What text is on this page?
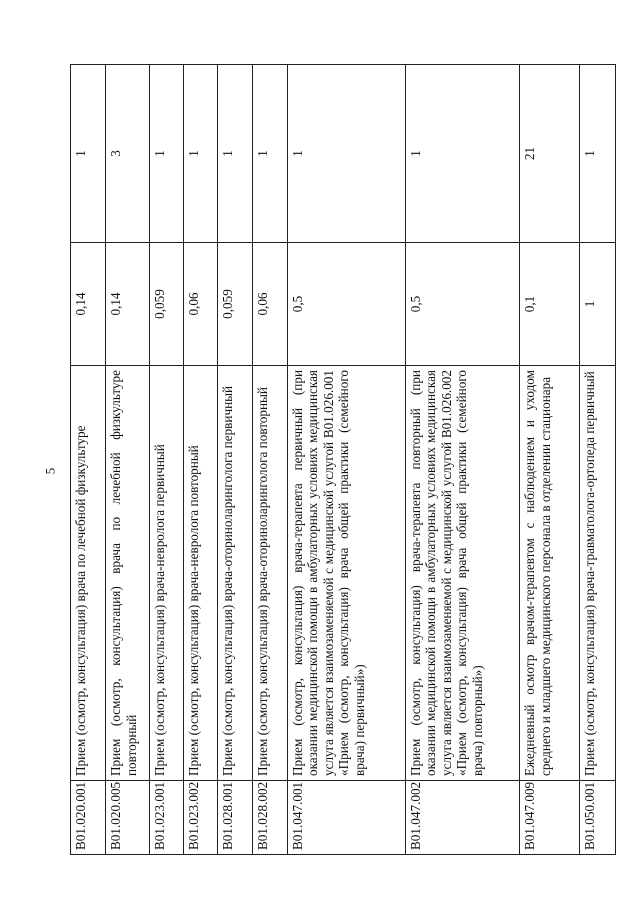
5
B01.020.001	Прием (осмотр, консультация) врача по лечебной физкультуре	0,14	1
B01.020.005	Прием (осмотр, консультация) врача по лечебной физкультуре повторный	0,14	3
B01.023.001	Прием (осмотр, консультация) врача-невролога первичный	0,059	1
B01.023.002	Прием (осмотр, консультация) врача-невролога повторный	0,06	1
B01.028.001	Прием (осмотр, консультация) врача-оториноларинголога первичный	0,059	1
B01.028.002	Прием (осмотр, консультация) врача-оториноларинголога повторный	0,06	1
B01.047.001	Прием (осмотр, консультация) врача-терапевта первичный (при оказании медицинской помощи в амбулаторных условиях медицинская услуга является взаимозаменяемой с медицинской услугой B01.026.001 «Прием (осмотр, консультация) врача общей практики (семейного врача) первичный»)	0,5	1
B01.047.002	Прием (осмотр, консультация) врача-терапевта повторный (при оказании медицинской помощи в амбулаторных условиях медицинская услуга является взаимозаменяемой с медицинской услугой B01.026.002 «Прием (осмотр, консультация) врача общей практики (семейного врача) повторный»)	0,5	1
B01.047.009	Ежедневный осмотр врачом-терапевтом с наблюдением и уходом среднего и младшего медицинского персонала в отделении стационара	0,1	21
B01.050.001	Прием (осмотр, консультация) врача-травматолога-ортопеда первичный	1	1
